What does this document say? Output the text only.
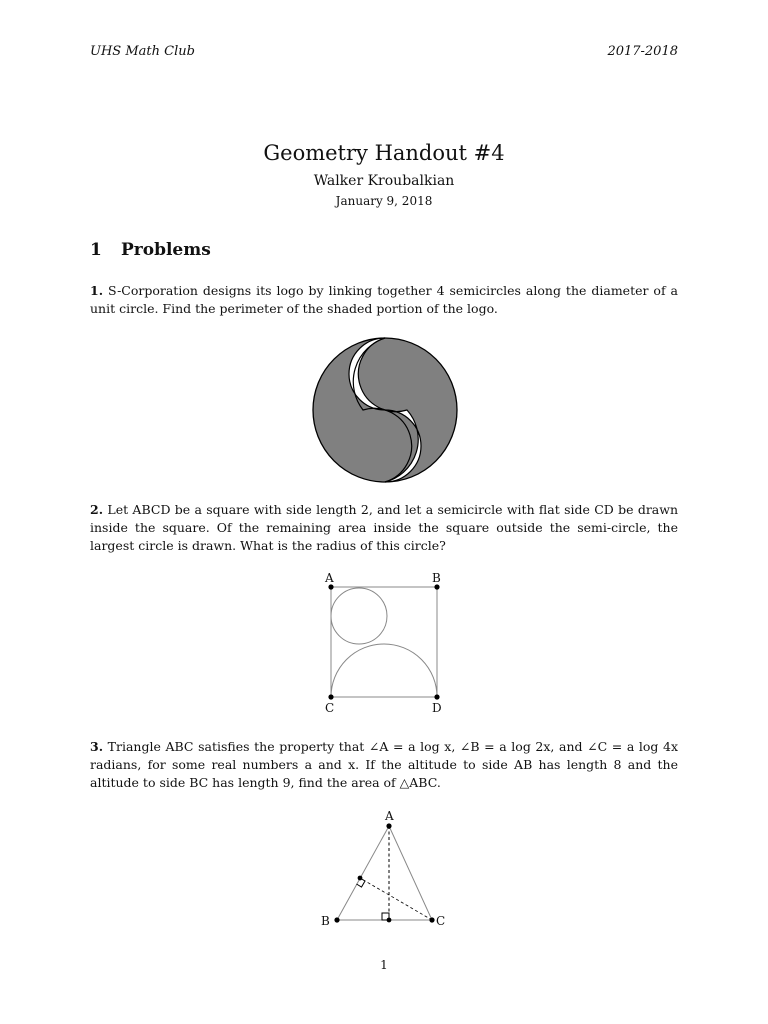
UHS Math Club	2017-2018
Geometry Handout #4
Walker Kroubalkian
January 9, 2018
1 Problems

1. S-Corporation designs its logo by linking together 4 semicircles along the diameter of a unit circle. Find the perimeter of the shaded portion of the logo.

2. Let ABCD be a square with side length 2, and let a semicircle with flat side CD be drawn inside the square. Of the remaining area inside the square outside the semi-circle, the largest circle is drawn. What is the radius of this circle?

A	B
C	D

3. Triangle ABC satisfies the property that ∠A = a log x, ∠B = a log 2x, and ∠C = a log 4x radians, for some real numbers a and x. If the altitude to side AB has length 8 and the altitude to side BC has length 9, find the area of △ABC.

A
B	C
1
